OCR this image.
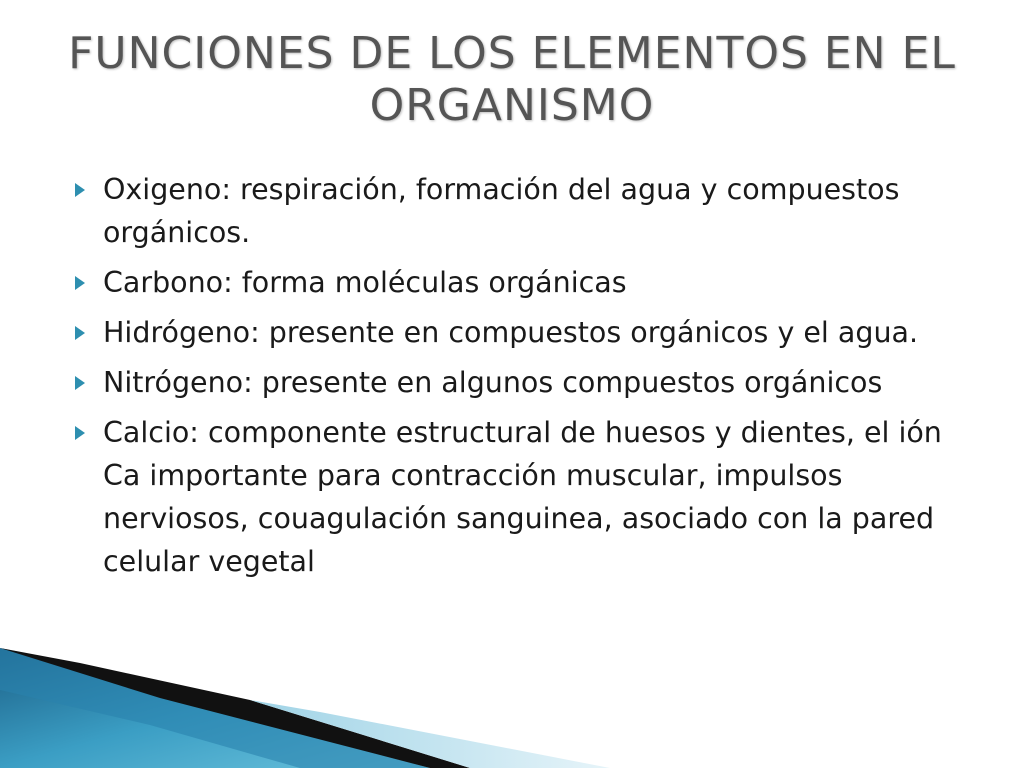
FUNCIONES DE LOS ELEMENTOS EN EL ORGANISMO
Oxigeno: respiración, formación del agua y compuestos orgánicos.
Carbono: forma moléculas orgánicas
Hidrógeno: presente en compuestos orgánicos y el agua.
Nitrógeno: presente en algunos compuestos orgánicos
Calcio: componente estructural de huesos y dientes, el ión Ca importante para contracción muscular, impulsos nerviosos, couagulación sanguinea, asociado con la pared celular vegetal
